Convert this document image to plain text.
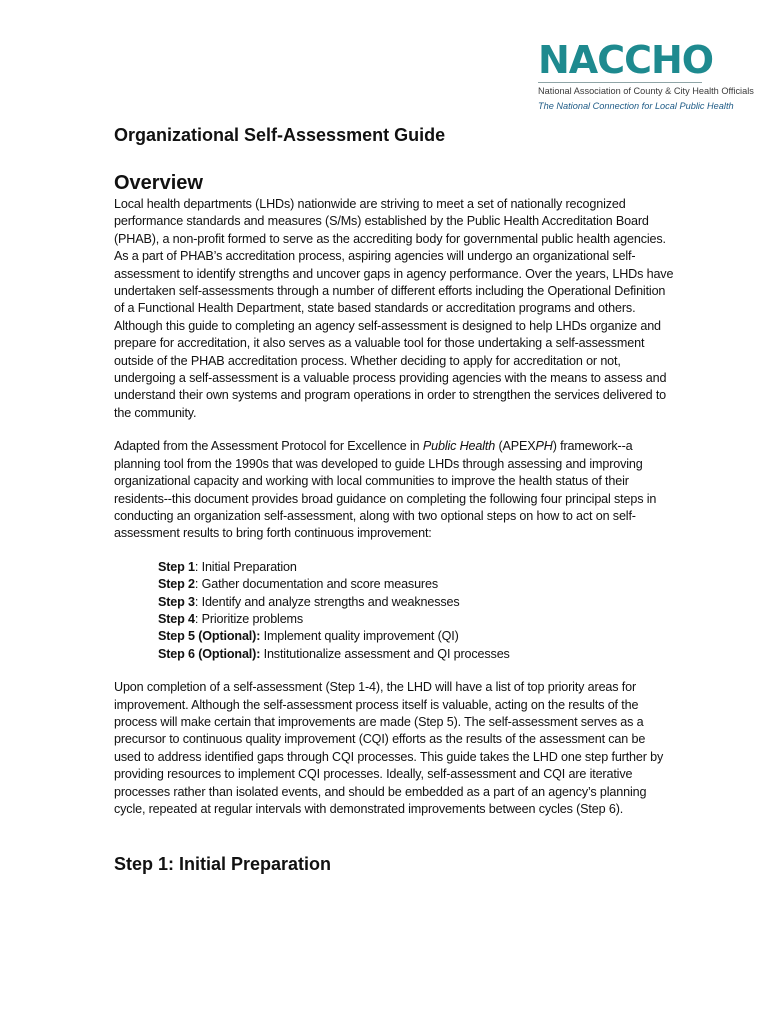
NACCHO
National Association of County & City Health Officials
The National Connection for Local Public Health
Organizational Self-Assessment Guide
Overview

Local health departments (LHDs) nationwide are striving to meet a set of nationally recognized performance standards and measures (S/Ms) established by the Public Health Accreditation Board (PHAB), a non-profit formed to serve as the accrediting body for governmental public health agencies. As a part of PHAB’s accreditation process, aspiring agencies will undergo an organizational self-assessment to identify strengths and uncover gaps in agency performance. Over the years, LHDs have undertaken self-assessments through a number of different efforts including the Operational Definition of a Functional Health Department, state based standards or accreditation programs and others. Although this guide to completing an agency self-assessment is designed to help LHDs organize and prepare for accreditation, it also serves as a valuable tool for those undertaking a self-assessment outside of the PHAB accreditation process. Whether deciding to apply for accreditation or not, undergoing a self-assessment is a valuable process providing agencies with the means to assess and understand their own systems and program operations in order to strengthen the services delivered to the community.

Adapted from the Assessment Protocol for Excellence in Public Health (APEXPH) framework--a planning tool from the 1990s that was developed to guide LHDs through assessing and improving organizational capacity and working with local communities to improve the health status of their residents--this document provides broad guidance on completing the following four principal steps in conducting an organization self-assessment, along with two optional steps on how to act on self-assessment results to bring forth continuous improvement:

Step 1: Initial Preparation
Step 2: Gather documentation and score measures
Step 3: Identify and analyze strengths and weaknesses
Step 4: Prioritize problems
Step 5 (Optional): Implement quality improvement (QI)
Step 6 (Optional): Institutionalize assessment and QI processes

Upon completion of a self-assessment (Step 1-4), the LHD will have a list of top priority areas for improvement. Although the self-assessment process itself is valuable, acting on the results of the process will make certain that improvements are made (Step 5). The self-assessment serves as a precursor to continuous quality improvement (CQI) efforts as the results of the assessment can be used to address identified gaps through CQI processes. This guide takes the LHD one step further by providing resources to implement CQI processes. Ideally, self-assessment and CQI are iterative processes rather than isolated events, and should be embedded as a part of an agency’s planning cycle, repeated at regular intervals with demonstrated improvements between cycles (Step 6).

Step 1: Initial Preparation
